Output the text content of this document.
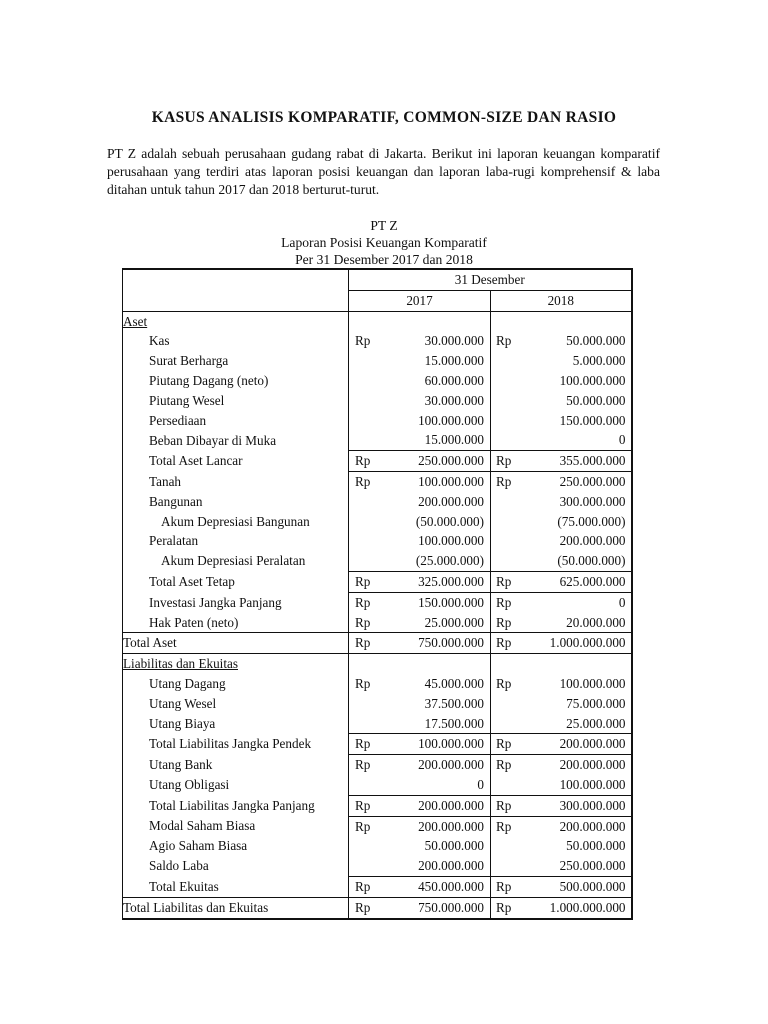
KASUS ANALISIS KOMPARATIF, COMMON-SIZE DAN RASIO

PT Z adalah sebuah perusahaan gudang rabat di Jakarta. Berikut ini laporan keuangan komparatif perusahaan yang terdiri atas laporan posisi keuangan dan laporan laba-rugi komprehensif & laba ditahan untuk tahun 2017 dan 2018 berturut-turut.

PT Z
Laporan Posisi Keuangan Komparatif
Per 31 Desember 2017 dan 2018
	31 Desember	
	2017	2018
Aset	

Kas	Rp 30.000.000	Rp 50.000.000

Surat Berharga	15.000.000	5.000.000

Piutang Dagang (neto)	60.000.000	100.000.000

Piutang Wesel	30.000.000	50.000.000

Persediaan	100.000.000	150.000.000

Beban Dibayar di Muka	15.000.000	0

Total Aset Lancar	Rp 250.000.000	Rp 355.000.000

Tanah	Rp 100.000.000	Rp 250.000.000

Bangunan	200.000.000	300.000.000

Akum Depresiasi Bangunan	(50.000.000)	(75.000.000)

Peralatan	100.000.000	200.000.000

Akum Depresiasi Peralatan	(25.000.000)	(50.000.000)

Total Aset Tetap	Rp 325.000.000	Rp 625.000.000

Investasi Jangka Panjang	Rp 150.000.000	Rp 0

Hak Paten (neto)	Rp 25.000.000	Rp 20.000.000

Total Aset	Rp 750.000.000	Rp 1.000.000.000

Liabilitas dan Ekuitas	

Utang Dagang	Rp 45.000.000	Rp 100.000.000

Utang Wesel	37.500.000	75.000.000

Utang Biaya	17.500.000	25.000.000

Total Liabilitas Jangka Pendek	Rp 100.000.000	Rp 200.000.000

Utang Bank	Rp 200.000.000	Rp 200.000.000

Utang Obligasi	0	100.000.000

Total Liabilitas Jangka Panjang	Rp 200.000.000	Rp 300.000.000

Modal Saham Biasa	Rp 200.000.000	Rp 200.000.000

Agio Saham Biasa	50.000.000	50.000.000

Saldo Laba	200.000.000	250.000.000

Total Ekuitas	Rp 450.000.000	Rp 500.000.000

Total Liabilitas dan Ekuitas	Rp 750.000.000	Rp 1.000.000.000
